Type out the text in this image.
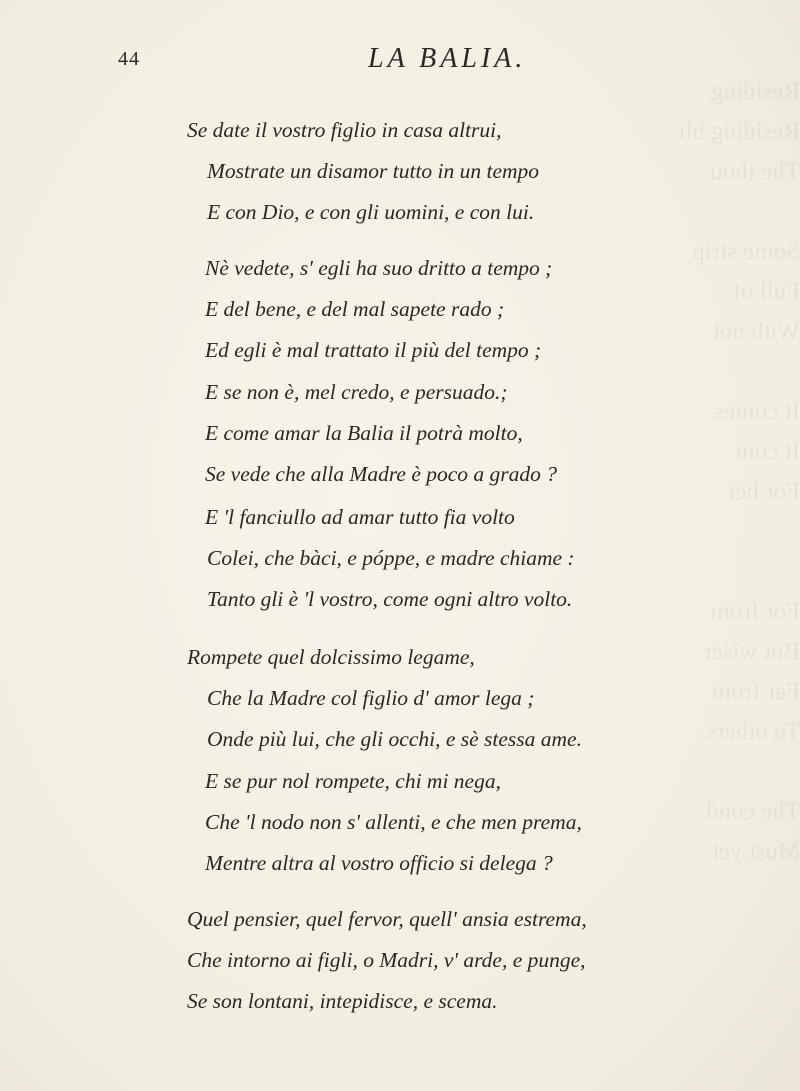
Residing
Residing bli
The thou
Some strip
Full of
With not
It comes
It com
For her
For from
But wiser
Far from
To others
The cond
Must yet
44	LA BALIA.
Se date il vostro figlio in casa altrui,
Mostrate un disamor tutto in un tempo
E con Dio, e con gli uomini, e con lui.
Nè vedete, s' egli ha suo dritto a tempo ;
E del bene, e del mal sapete rado ;
Ed egli è mal trattato il più del tempo ;
E se non è, mel credo, e persuado.;
E come amar la Balia il potrà molto,
Se vede che alla Madre è poco a grado ?
E 'l fanciullo ad amar tutto fia volto
Colei, che bàci, e póppe, e madre chiame :
Tanto gli è 'l vostro, come ogni altro volto.
Rompete quel dolcissimo legame,
Che la Madre col figlio d' amor lega ;
Onde più lui, che gli occhi, e sè stessa ame.
E se pur nol rompete, chi mi nega,
Che 'l nodo non s' allenti, e che men prema,
Mentre altra al vostro officio si delega ?
Quel pensier, quel fervor, quell' ansia estrema,
Che intorno ai figli, o Madri, v' arde, e punge,
Se son lontani, intepidisce, e scema.
